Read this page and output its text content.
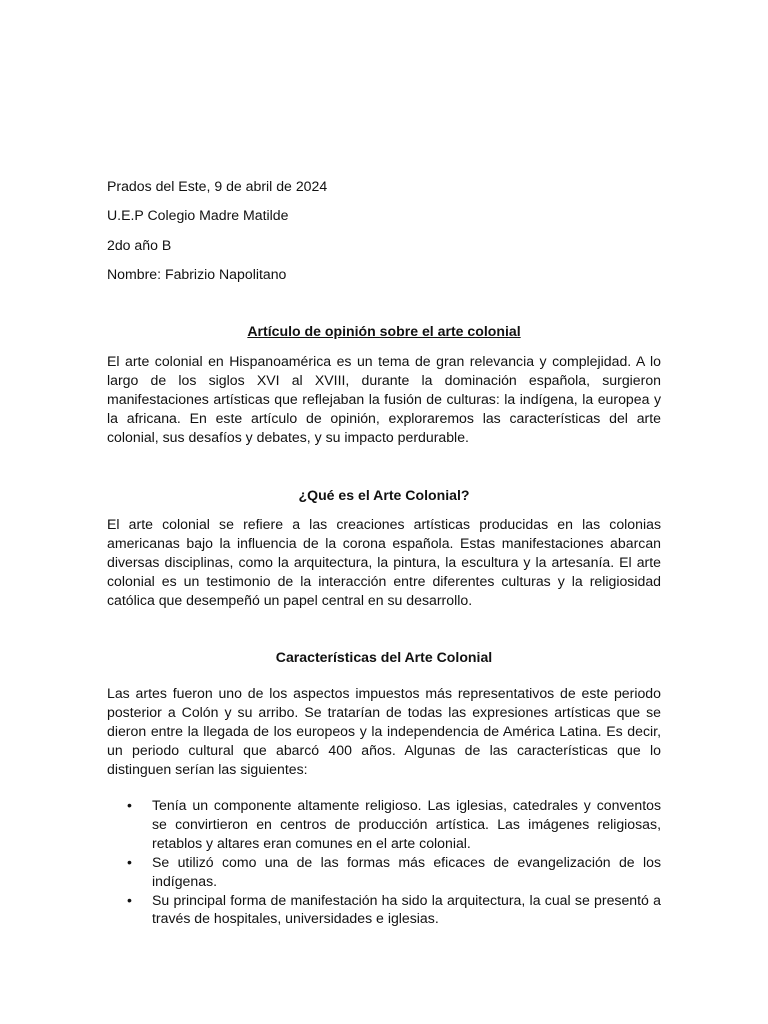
Prados del Este, 9 de abril de 2024
U.E.P Colegio Madre Matilde
2do año B
Nombre: Fabrizio Napolitano
Artículo de opinión sobre el arte colonial

El arte colonial en Hispanoamérica es un tema de gran relevancia y complejidad. A lo largo de los siglos XVI al XVIII, durante la dominación española, surgieron manifestaciones artísticas que reflejaban la fusión de culturas: la indígena, la europea y la africana. En este artículo de opinión, exploraremos las características del arte colonial, sus desafíos y debates, y su impacto perdurable.

¿Qué es el Arte Colonial?

El arte colonial se refiere a las creaciones artísticas producidas en las colonias americanas bajo la influencia de la corona española. Estas manifestaciones abarcan diversas disciplinas, como la arquitectura, la pintura, la escultura y la artesanía. El arte colonial es un testimonio de la interacción entre diferentes culturas y la religiosidad católica que desempeñó un papel central en su desarrollo.

Características del Arte Colonial

Las artes fueron uno de los aspectos impuestos más representativos de este periodo posterior a Colón y su arribo. Se tratarían de todas las expresiones artísticas que se dieron entre la llegada de los europeos y la independencia de América Latina. Es decir, un periodo cultural que abarcó 400 años. Algunas de las características que lo distinguen serían las siguientes:

• Tenía un componente altamente religioso. Las iglesias, catedrales y conventos se convirtieron en centros de producción artística. Las imágenes religiosas, retablos y altares eran comunes en el arte colonial.
• Se utilizó como una de las formas más eficaces de evangelización de los indígenas.
• Su principal forma de manifestación ha sido la arquitectura, la cual se presentó a través de hospitales, universidades e iglesias.
